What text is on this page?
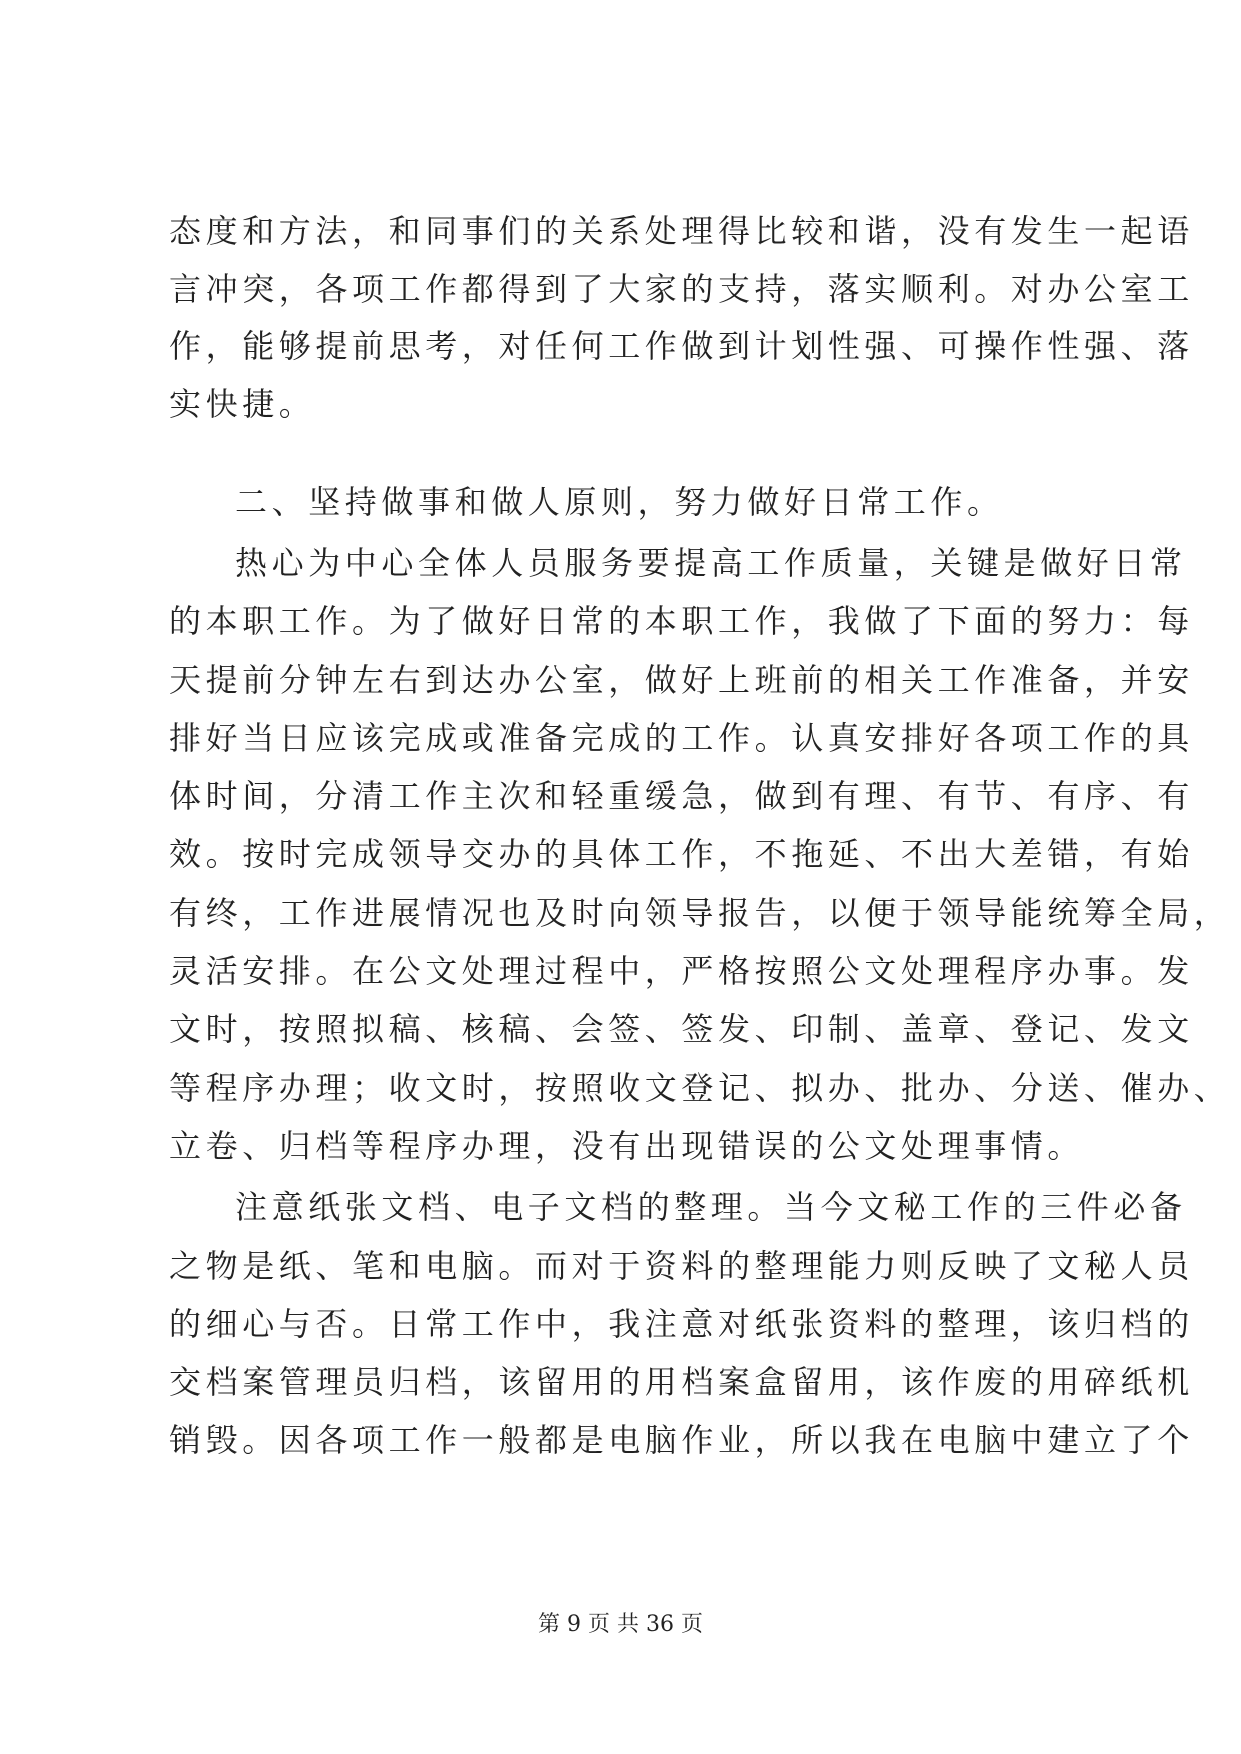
态度和方法，和同事们的关系处理得比较和谐，没有发生一起语
言冲突，各项工作都得到了大家的支持，落实顺利。对办公室工
作，能够提前思考，对任何工作做到计划性强、可操作性强、落
实快捷。
二、坚持做事和做人原则，努力做好日常工作。
热心为中心全体人员服务要提高工作质量，关键是做好日常
的本职工作。为了做好日常的本职工作，我做了下面的努力：每
天提前分钟左右到达办公室，做好上班前的相关工作准备，并安
排好当日应该完成或准备完成的工作。认真安排好各项工作的具
体时间，分清工作主次和轻重缓急，做到有理、有节、有序、有
效。按时完成领导交办的具体工作，不拖延、不出大差错，有始
有终，工作进展情况也及时向领导报告，以便于领导能统筹全局，
灵活安排。在公文处理过程中，严格按照公文处理程序办事。发
文时，按照拟稿、核稿、会签、签发、印制、盖章、登记、发文
等程序办理；收文时，按照收文登记、拟办、批办、分送、催办、
立卷、归档等程序办理，没有出现错误的公文处理事情。
注意纸张文档、电子文档的整理。当今文秘工作的三件必备
之物是纸、笔和电脑。而对于资料的整理能力则反映了文秘人员
的细心与否。日常工作中，我注意对纸张资料的整理，该归档的
交档案管理员归档，该留用的用档案盒留用，该作废的用碎纸机
销毁。因各项工作一般都是电脑作业，所以我在电脑中建立了个
第 9 页 共 36 页
